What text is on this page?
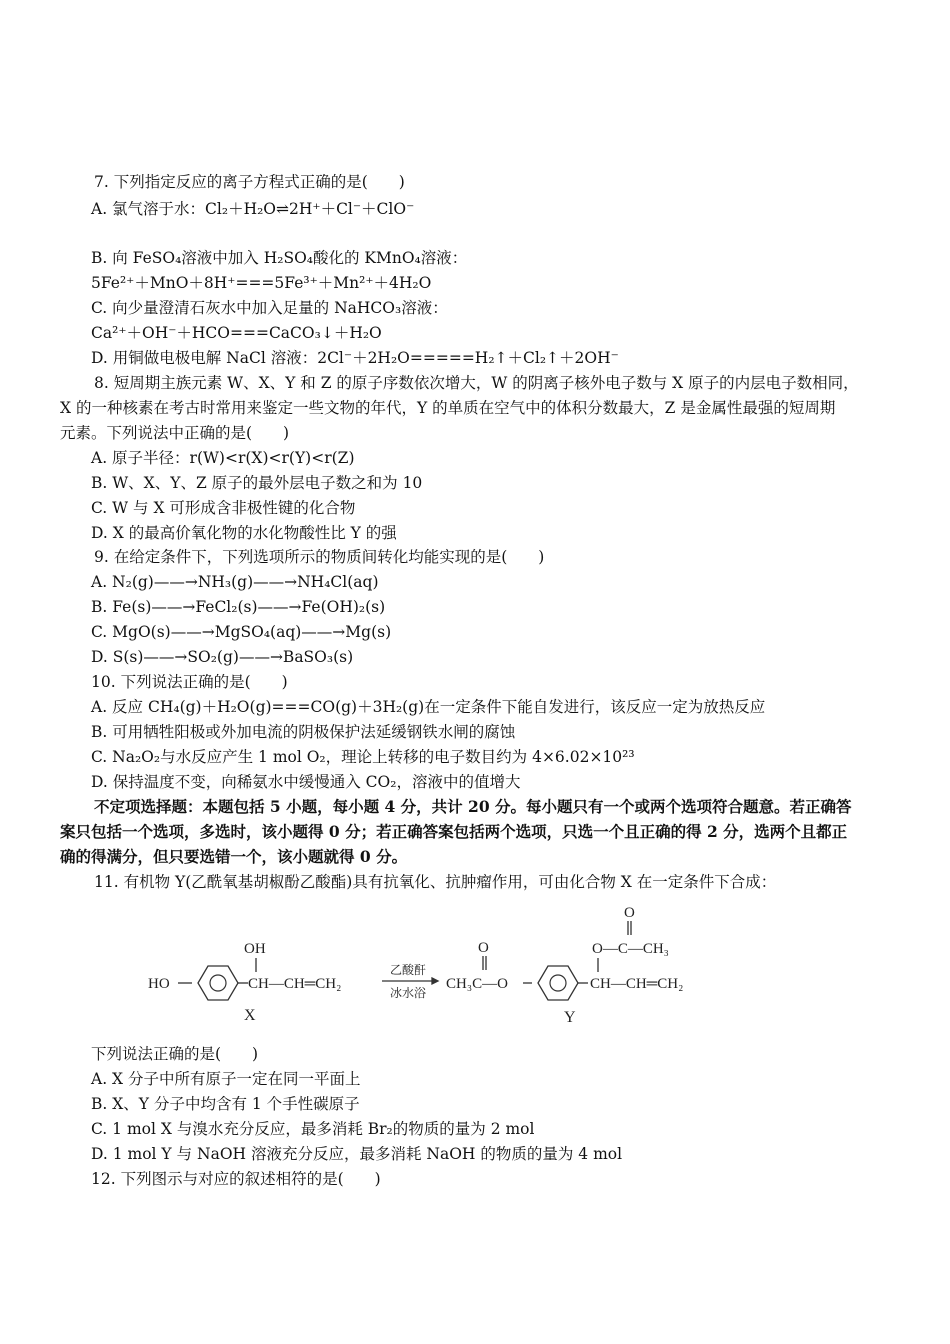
7. 下列指定反应的离子方程式正确的是(　　)
A. 氯气溶于水：Cl₂＋H₂O⇌2H⁺＋Cl⁻＋ClO⁻
B. 向 FeSO₄溶液中加入 H₂SO₄酸化的 KMnO₄溶液：
5Fe²⁺＋MnO＋8H⁺===5Fe³⁺＋Mn²⁺＋4H₂O
C. 向少量澄清石灰水中加入足量的 NaHCO₃溶液：
Ca²⁺＋OH⁻＋HCO===CaCO₃↓＋H₂O
D. 用铜做电极电解 NaCl 溶液：2Cl⁻＋2H₂O=====H₂↑＋Cl₂↑＋2OH⁻
8. 短周期主族元素 W、X、Y 和 Z 的原子序数依次增大，W 的阴离子核外电子数与 X 原子的内层电子数相同，
X 的一种核素在考古时常用来鉴定一些文物的年代，Y 的单质在空气中的体积分数最大，Z 是金属性最强的短周期
元素。下列说法中正确的是(　　)
A. 原子半径：r(W)<r(X)<r(Y)<r(Z)
B. W、X、Y、Z 原子的最外层电子数之和为 10
C. W 与 X 可形成含非极性键的化合物
D. X 的最高价氧化物的水化物酸性比 Y 的强
9. 在给定条件下，下列选项所示的物质间转化均能实现的是(　　)
A. N₂(g)——→NH₃(g)——→NH₄Cl(aq)
B. Fe(s)——→FeCl₂(s)——→Fe(OH)₂(s)
C. MgO(s)——→MgSO₄(aq)——→Mg(s)
D. S(s)——→SO₂(g)——→BaSO₃(s)
10. 下列说法正确的是(　　)
A. 反应 CH₄(g)＋H₂O(g)===CO(g)＋3H₂(g)在一定条件下能自发进行，该反应一定为放热反应
B. 可用牺牲阳极或外加电流的阴极保护法延缓钢铁水闸的腐蚀
C. Na₂O₂与水反应产生 1 mol O₂，理论上转移的电子数目约为 4×6.02×10²³
D. 保持温度不变，向稀氨水中缓慢通入 CO₂，溶液中的值增大
不定项选择题：本题包括 5 小题，每小题 4 分，共计 20 分。每小题只有一个或两个选项符合题意。若正确答
案只包括一个选项，多选时，该小题得 0 分；若正确答案包括两个选项，只选一个且正确的得 2 分，选两个且都正
确的得满分，但只要选错一个，该小题就得 0 分。
11. 有机物 Y(乙酰氧基胡椒酚乙酸酯)具有抗氧化、抗肿瘤作用，可由化合物 X 在一定条件下合成：
HO
OH
CH—CH═CH₂
X
乙酸酐
冰水浴
O
CH₃C—O
O
O—C—CH₃
CH—CH═CH₂
Y
下列说法正确的是(　　)
A. X 分子中所有原子一定在同一平面上
B. X、Y 分子中均含有 1 个手性碳原子
C. 1 mol X 与溴水充分反应，最多消耗 Br₂的物质的量为 2 mol
D. 1 mol Y 与 NaOH 溶液充分反应，最多消耗 NaOH 的物质的量为 4 mol
12. 下列图示与对应的叙述相符的是(　　)
